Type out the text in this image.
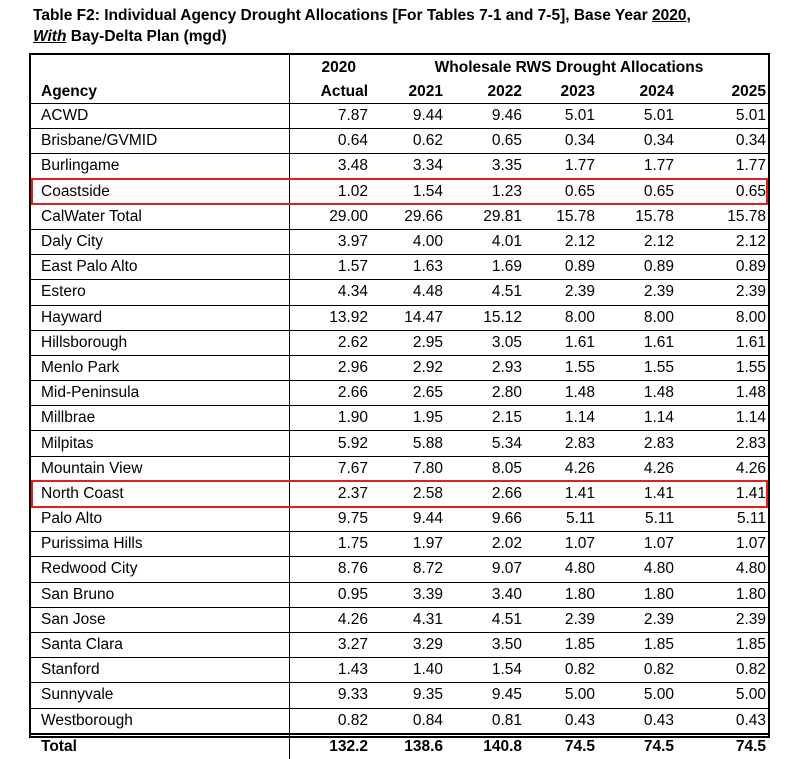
Table F2: Individual Agency Drought Allocations [For Tables 7-1 and 7-5], Base Year 2020,
With Bay-Delta Plan (mgd)
	2020	Wholesale RWS Drought Allocations				
Agency	Actual	2021	2022	2023	2024	2025
ACWD	7.87	9.44	9.46	5.01	5.01	5.01
Brisbane/GVMID	0.64	0.62	0.65	0.34	0.34	0.34
Burlingame	3.48	3.34	3.35	1.77	1.77	1.77
Coastside	1.02	1.54	1.23	0.65	0.65	0.65
CalWater Total	29.00	29.66	29.81	15.78	15.78	15.78
Daly City	3.97	4.00	4.01	2.12	2.12	2.12
East Palo Alto	1.57	1.63	1.69	0.89	0.89	0.89
Estero	4.34	4.48	4.51	2.39	2.39	2.39
Hayward	13.92	14.47	15.12	8.00	8.00	8.00
Hillsborough	2.62	2.95	3.05	1.61	1.61	1.61
Menlo Park	2.96	2.92	2.93	1.55	1.55	1.55
Mid-Peninsula	2.66	2.65	2.80	1.48	1.48	1.48
Millbrae	1.90	1.95	2.15	1.14	1.14	1.14
Milpitas	5.92	5.88	5.34	2.83	2.83	2.83
Mountain View	7.67	7.80	8.05	4.26	4.26	4.26
North Coast	2.37	2.58	2.66	1.41	1.41	1.41
Palo Alto	9.75	9.44	9.66	5.11	5.11	5.11
Purissima Hills	1.75	1.97	2.02	1.07	1.07	1.07
Redwood City	8.76	8.72	9.07	4.80	4.80	4.80
San Bruno	0.95	3.39	3.40	1.80	1.80	1.80
San Jose	4.26	4.31	4.51	2.39	2.39	2.39
Santa Clara	3.27	3.29	3.50	1.85	1.85	1.85
Stanford	1.43	1.40	1.54	0.82	0.82	0.82
Sunnyvale	9.33	9.35	9.45	5.00	5.00	5.00
Westborough	0.82	0.84	0.81	0.43	0.43	0.43
Total	132.2	138.6	140.8	74.5	74.5	74.5
